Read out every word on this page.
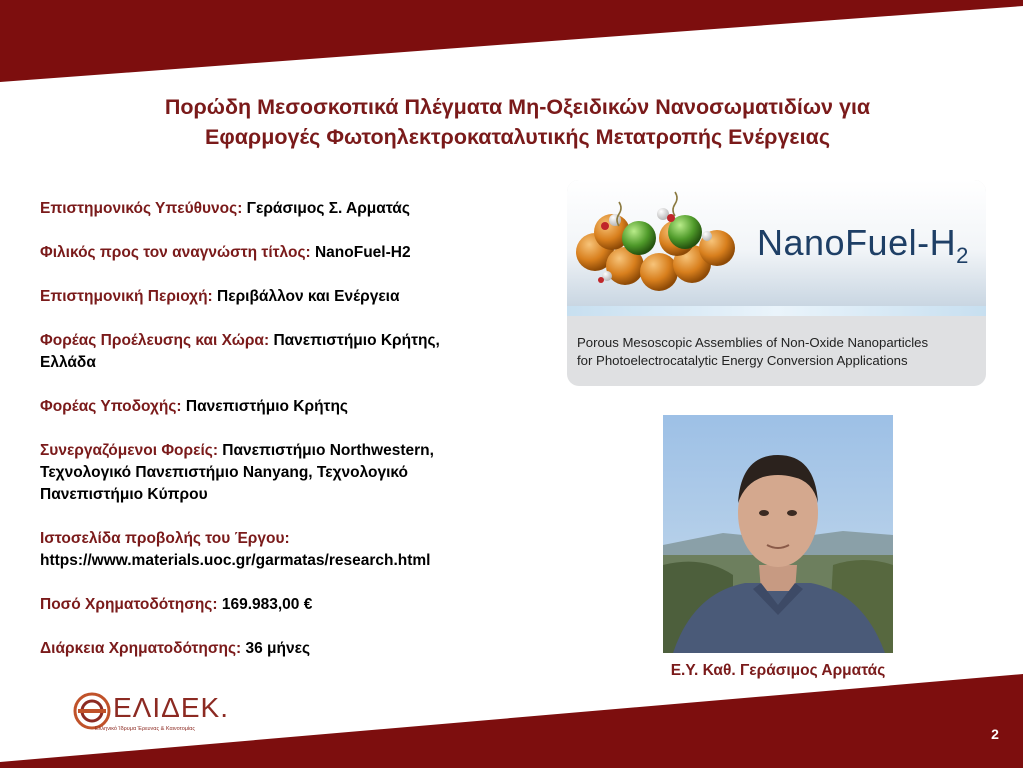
Πορώδη Μεσοσκοπικά Πλέγματα Μη-Οξειδικών Νανοσωματιδίων για
Εφαρμογές Φωτοηλεκτροκαταλυτικής Μετατροπής Ενέργειας
Επιστημονικός Υπεύθυνος: Γεράσιμος Σ. Αρματάς
Φιλικός προς τον αναγνώστη τίτλος: NanoFuel-H2
Επιστημονική Περιοχή: Περιβάλλον και Ενέργεια
Φορέας Προέλευσης και Χώρα: Πανεπιστήμιο Κρήτης, Ελλάδα
Φορέας Υποδοχής: Πανεπιστήμιο Κρήτης
Συνεργαζόμενοι Φορείς: Πανεπιστήμιο Northwestern, Τεχνολογικό Πανεπιστήμιο Nanyang, Τεχνολογικό Πανεπιστήμιο Κύπρου
Ιστοσελίδα προβολής του Έργου:
https://www.materials.uoc.gr/garmatas/research.html
Ποσό Χρηματοδότησης: 169.983,00 €
Διάρκεια Χρηματοδότησης: 36 μήνες
NanoFuel-$H_2$
Porous Mesoscopic Assemblies of Non-Oxide Nanoparticles
for Photoelectrocatalytic Energy Conversion Applications
Ε.Υ. Καθ. Γεράσιμος Αρματάς
ΕΛΙΔΕΚ.
Ελληνικό Ίδρυμα Έρευνας & Καινοτομίας	2
